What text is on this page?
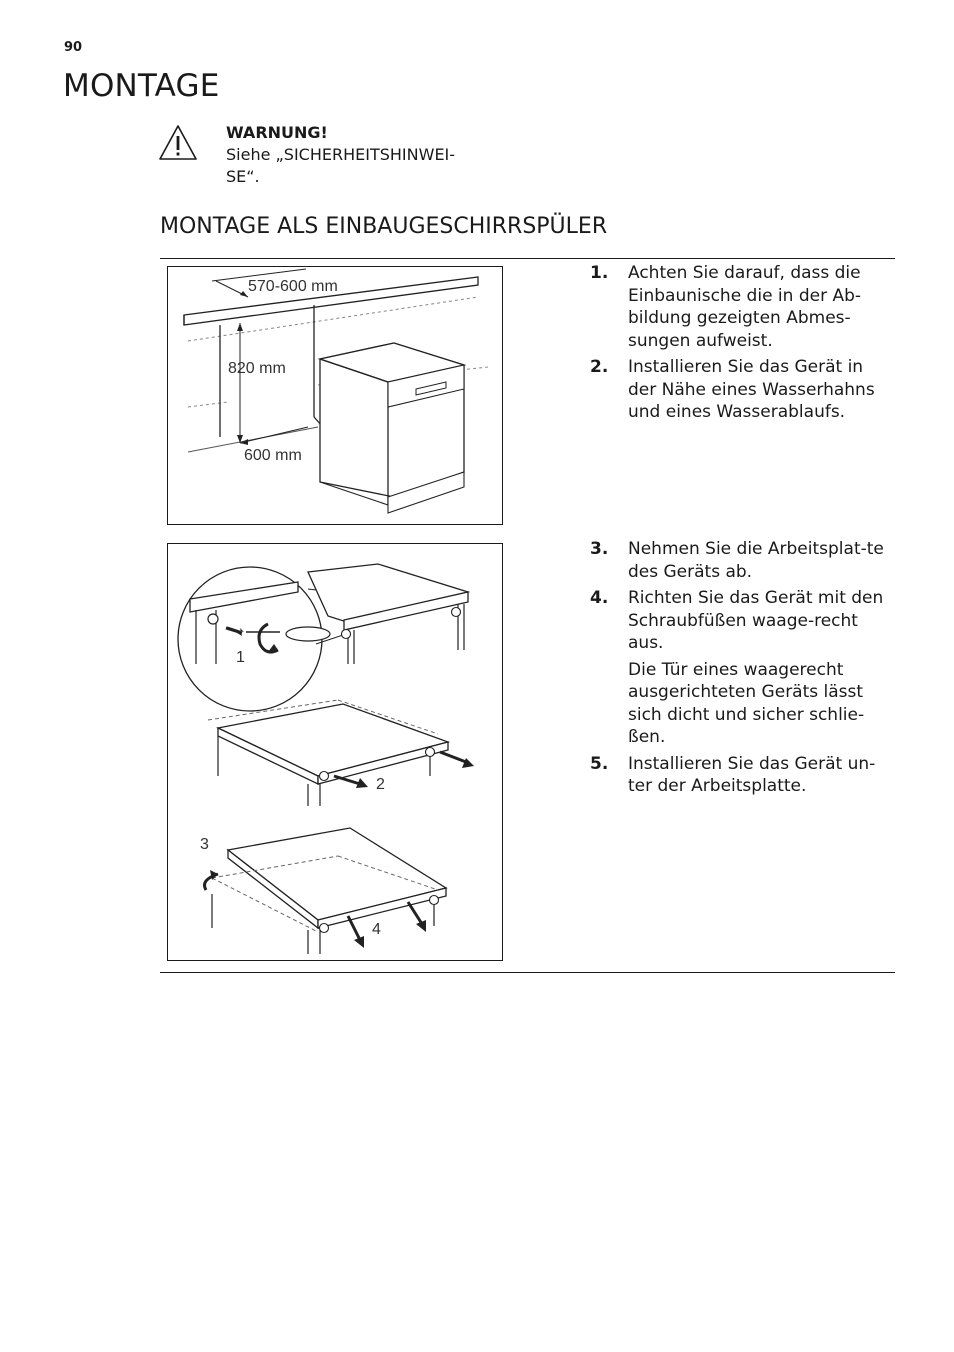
90
MONTAGE
WARNUNG!
Siehe „SICHERHEITSHINWEI-
SE“.
MONTAGE ALS EINBAUGESCHIRRSPÜLER
570-600 mm
820 mm
600 mm
1. Achten Sie darauf, dass die Einbaunische die in der Ab-bildung gezeigten Abmes-sungen aufweist.
2. Installieren Sie das Gerät in der Nähe eines Wasserhahns und eines Wasserablaufs.
1
2
3
4
3. Nehmen Sie die Arbeitsplat-te des Geräts ab.
4. Richten Sie das Gerät mit den Schraubfüßen waage-recht aus.
Die Tür eines waagerecht ausgerichteten Geräts lässt sich dicht und sicher schlie-ßen.
5. Installieren Sie das Gerät un-ter der Arbeitsplatte.
